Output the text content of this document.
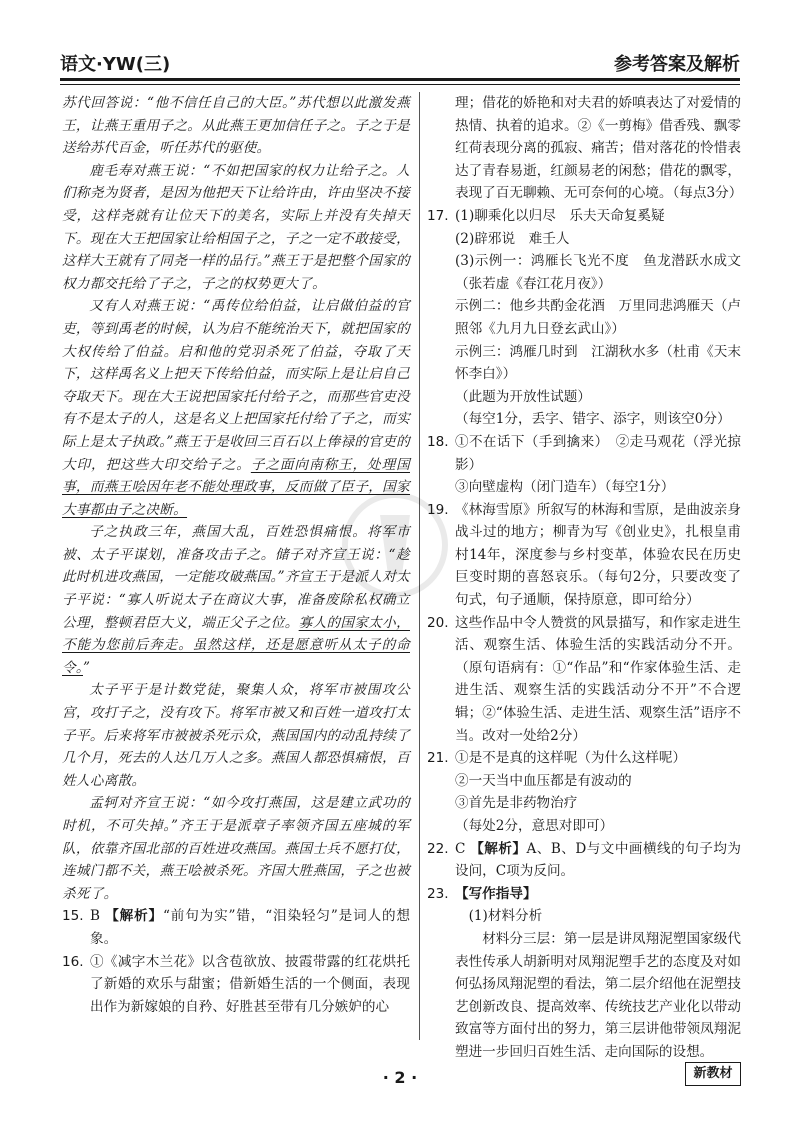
语文·YW(三)	参考答案及解析

苏代回答说：“他不信任自己的大臣。”苏代想以此激发燕王，让燕王重用子之。从此燕王更加信任子之。子之于是送给苏代百金，听任苏代的驱使。

鹿毛寿对燕王说：“不如把国家的权力让给子之。人们称尧为贤者，是因为他把天下让给许由，许由坚决不接受，这样尧就有让位天下的美名，实际上并没有失掉天下。现在大王把国家让给相国子之，子之一定不敢接受，这样大王就有了同尧一样的品行。”燕王于是把整个国家的权力都交托给了子之，子之的权势更大了。

又有人对燕王说：“禹传位给伯益，让启做伯益的官吏，等到禹老的时候，认为启不能统治天下，就把国家的大权传给了伯益。启和他的党羽杀死了伯益，夺取了天下，这样禹名义上把天下传给伯益，而实际上是让启自己夺取天下。现在大王说把国家托付给子之，而那些官吏没有不是太子的人，这是名义上把国家托付给了子之，而实际上是太子执政。”燕王于是收回三百石以上俸禄的官吏的大印，把这些大印交给子之。子之面向南称王，处理国事，而燕王哙因年老不能处理政事，反而做了臣子，国家大事都由子之决断。

子之执政三年，燕国大乱，百姓恐惧痛恨。将军市被、太子平谋划，准备攻击子之。储子对齐宣王说：“趁此时机进攻燕国，一定能攻破燕国。”齐宣王于是派人对太子平说：“寡人听说太子在商议大事，准备废除私权确立公理，整顿君臣大义，端正父子之位。寡人的国家太小，不能为您前后奔走。虽然这样，还是愿意听从太子的命令。”

太子平于是计数党徒，聚集人众，将军市被围攻公宫，攻打子之，没有攻下。将军市被又和百姓一道攻打太子平。后来将军市被被杀死示众，燕国国内的动乱持续了几个月，死去的人达几万人之多。燕国人都恐惧痛恨，百姓人心离散。

孟轲对齐宣王说：“如今攻打燕国，这是建立武功的时机，不可失掉。”齐王于是派章子率领齐国五座城的军队，依靠齐国北部的百姓进攻燕国。燕国士兵不愿打仗，连城门都不关，燕王哙被杀死。齐国大胜燕国，子之也被杀死了。

15. B 【解析】“前句为实”错，“泪染轻匀”是词人的想象。

16. ①《减字木兰花》以含苞欲放、披霞带露的红花烘托了新婚的欢乐与甜蜜；借新婚生活的一个侧面，表现出作为新嫁娘的自矜、好胜甚至带有几分嫉妒的心

理；借花的娇艳和对夫君的娇嗔表达了对爱情的热情、执着的追求。②《一剪梅》借香残、飘零红荷表现分离的孤寂、痛苦；借对落花的怜惜表达了青春易逝，红颜易老的闲愁；借花的飘零，表现了百无聊赖、无可奈何的心境。（每点3分）

17. (1)聊乘化以归尽　乐夫天命复奚疑

(2)辟邪说　难壬人

(3)示例一：鸿雁长飞光不度　鱼龙潜跃水成文（张若虚《春江花月夜》）

示例二：他乡共酌金花酒　万里同悲鸿雁天（卢照邻《九月九日登玄武山》）

示例三：鸿雁几时到　江湖秋水多（杜甫《天末怀李白》）

（此题为开放性试题）

（每空1分，丢字、错字、添字，则该空0分）

18. ①不在话下（手到擒来）　②走马观花（浮光掠影）

③向壁虚构（闭门造车）（每空1分）

19. 《林海雪原》所叙写的林海和雪原，是曲波亲身战斗过的地方；柳青为写《创业史》，扎根皇甫村14年，深度参与乡村变革，体验农民在历史巨变时期的喜怒哀乐。（每句2分，只要改变了句式，句子通顺，保持原意，即可给分）

20. 这些作品中令人赞赏的风景描写，和作家走进生活、观察生活、体验生活的实践活动分不开。（原句语病有：①“作品”和“作家体验生活、走进生活、观察生活的实践活动分不开”不合逻辑；②“体验生活、走进生活、观察生活”语序不当。改对一处给2分）

21. ①是不是真的这样呢（为什么这样呢）

②一天当中血压都是有波动的

③首先是非药物治疗

（每处2分，意思对即可）

22. C 【解析】A、B、D与文中画横线的句子均为设问，C项为反问。

23. 【写作指导】

(1)材料分析

材料分三层：第一层是讲凤翔泥塑国家级代表性传承人胡新明对凤翔泥塑手艺的态度及对如何弘扬凤翔泥塑的看法，第二层介绍他在泥塑技艺创新改良、提高效率、传统技艺产业化以带动致富等方面付出的努力，第三层讲他带领凤翔泥塑进一步回归百姓生活、走向国际的设想。

· 2 ·	新教材
